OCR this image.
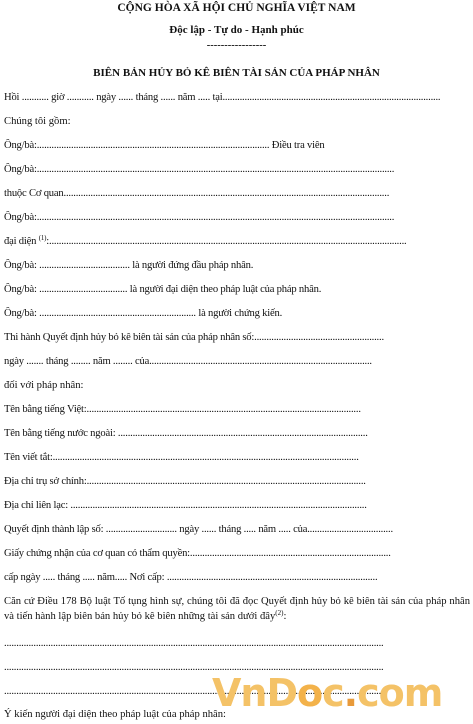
CỘNG HÒA XÃ HỘI CHỦ NGHĨA VIỆT NAM
Độc lập - Tự do - Hạnh phúc
-----------------
BIÊN BẢN HỦY BỎ KÊ BIÊN TÀI SẢN CỦA PHÁP NHÂN
Hồi ........... giờ ........... ngày ...... tháng ...... năm ..... tại.........................................................................................
Chúng tôi gồm:
Ông/bà:............................................................................................... Điều tra viên
Ông/bà:..................................................................................................................................................
thuộc Cơ quan.....................................................................................................................................
Ông/bà:..................................................................................................................................................
đại diện $^{(1)}$:..................................................................................................................................................
Ông/bà: ..................................... là người đứng đầu pháp nhân.
Ông/bà: .................................... là người đại diện theo pháp luật của pháp nhân.
Ông/bà: ................................................................ là người chứng kiến.
Thi hành Quyết định hủy bỏ kê biên tài sản của pháp nhân số:.....................................................
ngày ....... tháng ........ năm ........ của...........................................................................................
đối với pháp nhân:
Tên bằng tiếng Việt:................................................................................................................
Tên bằng tiếng nước ngoài: ......................................................................................................
Tên viết tắt:.............................................................................................................................
Địa chỉ trụ sở chính:..................................................................................................................
Địa chỉ liên lạc: .........................................................................................................................
Quyết định thành lập số: ............................. ngày ...... tháng ..... năm ..... của...................................
Giấy chứng nhận của cơ quan có thẩm quyền:..................................................................................
cấp ngày ..... tháng ..... năm..... Nơi cấp: ......................................................................................
Căn cứ Điều 178 Bộ luật Tố tụng hình sự, chúng tôi đã đọc Quyết định hủy bỏ kê biên tài sản của pháp nhân và tiến hành lập biên bản hủy bỏ kê biên những tài sản dưới đây$^{(2)}$:
...........................................................................................................................................................
...........................................................................................................................................................
...........................................................................................................................................................
VnDoc.com
Ý kiến người đại diện theo pháp luật của pháp nhân:
